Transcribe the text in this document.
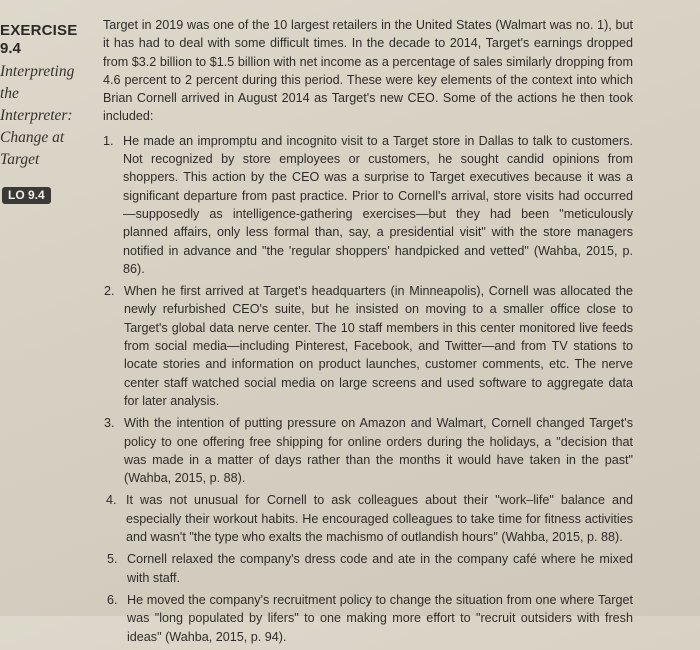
EXERCISE
9.4
Interpreting
the
Interpreter:
Change at
Target
LO 9.4

Target in 2019 was one of the 10 largest retailers in the United States (Walmart was no. 1), but it has had to deal with some difficult times. In the decade to 2014, Target's earnings dropped from $3.2 billion to $1.5 billion with net income as a percentage of sales similarly dropping from 4.6 percent to 2 percent during this period. These were key elements of the context into which Brian Cornell arrived in August 2014 as Target's new CEO. Some of the actions he then took included:

1. He made an impromptu and incognito visit to a Target store in Dallas to talk to customers. Not recognized by store employees or customers, he sought candid opinions from shoppers. This action by the CEO was a surprise to Target executives because it was a significant departure from past practice. Prior to Cornell's arrival, store visits had occurred—supposedly as intelligence-gathering exercises—but they had been "meticulously planned affairs, only less formal than, say, a presidential visit" with the store managers notified in advance and "the 'regular shoppers' handpicked and vetted" (Wahba, 2015, p. 86).
2. When he first arrived at Target's headquarters (in Minneapolis), Cornell was allocated the newly refurbished CEO's suite, but he insisted on moving to a smaller office close to Target's global data nerve center. The 10 staff members in this center monitored live feeds from social media—including Pinterest, Facebook, and Twitter—and from TV stations to locate stories and information on product launches, customer comments, etc. The nerve center staff watched social media on large screens and used software to aggregate data for later analysis.
3. With the intention of putting pressure on Amazon and Walmart, Cornell changed Target's policy to one offering free shipping for online orders during the holidays, a "decision that was made in a matter of days rather than the months it would have taken in the past" (Wahba, 2015, p. 88).
4. It was not unusual for Cornell to ask colleagues about their "work–life" balance and especially their workout habits. He encouraged colleagues to take time for fitness activities and wasn't "the type who exalts the machismo of outlandish hours" (Wahba, 2015, p. 88).
5. Cornell relaxed the company's dress code and ate in the company café where he mixed with staff.
6. He moved the company's recruitment policy to change the situation from one where Target was "long populated by lifers" to one making more effort to "recruit outsiders with fresh ideas" (Wahba, 2015, p. 94).
